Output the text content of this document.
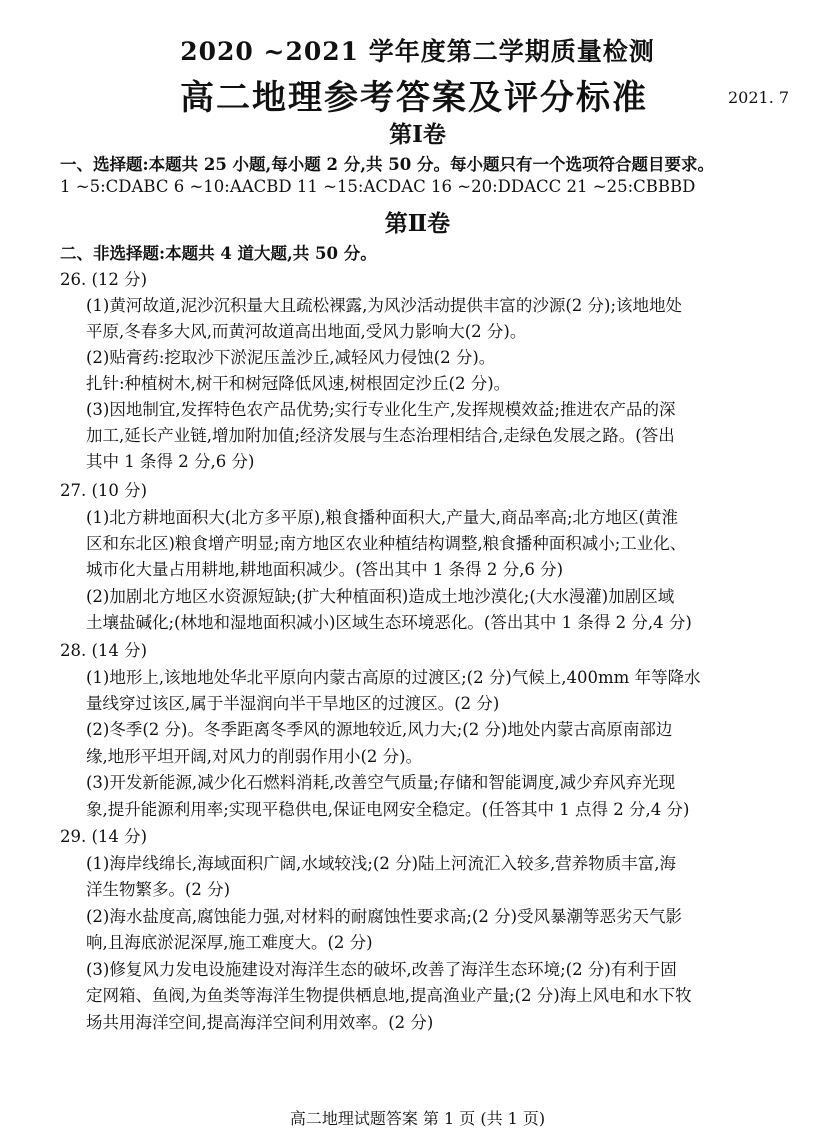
2020 ~2021 学年度第二学期质量检测
高二地理参考答案及评分标准	2021. 7
第Ⅰ卷
一、选择题:本题共 25 小题,每小题 2 分,共 50 分。每小题只有一个选项符合题目要求。
1 ~5:CDABC 6 ~10:AACBD 11 ~15:ACDAC 16 ~20:DDACC 21 ~25:CBBBD
第Ⅱ卷
二、非选择题:本题共 4 道大题,共 50 分。
26. (12 分)
(1)黄河故道,泥沙沉积量大且疏松裸露,为风沙活动提供丰富的沙源(2 分);该地地处
平原,冬春多大风,而黄河故道高出地面,受风力影响大(2 分)。
(2)贴膏药:挖取沙下淤泥压盖沙丘,减轻风力侵蚀(2 分)。
扎针:种植树木,树干和树冠降低风速,树根固定沙丘(2 分)。
(3)因地制宜,发挥特色农产品优势;实行专业化生产,发挥规模效益;推进农产品的深
加工,延长产业链,增加附加值;经济发展与生态治理相结合,走绿色发展之路。(答出
其中 1 条得 2 分,6 分)
27. (10 分)
(1)北方耕地面积大(北方多平原),粮食播种面积大,产量大,商品率高;北方地区(黄淮
区和东北区)粮食增产明显;南方地区农业种植结构调整,粮食播种面积减小;工业化、
城市化大量占用耕地,耕地面积减少。(答出其中 1 条得 2 分,6 分)
(2)加剧北方地区水资源短缺;(扩大种植面积)造成土地沙漠化;(大水漫灌)加剧区域
土壤盐碱化;(林地和湿地面积减小)区域生态环境恶化。(答出其中 1 条得 2 分,4 分)
28. (14 分)
(1)地形上,该地地处华北平原向内蒙古高原的过渡区;(2 分)气候上,400mm 年等降水
量线穿过该区,属于半湿润向半干旱地区的过渡区。(2 分)
(2)冬季(2 分)。冬季距离冬季风的源地较近,风力大;(2 分)地处内蒙古高原南部边
缘,地形平坦开阔,对风力的削弱作用小(2 分)。
(3)开发新能源,减少化石燃料消耗,改善空气质量;存储和智能调度,减少弃风弃光现
象,提升能源利用率;实现平稳供电,保证电网安全稳定。(任答其中 1 点得 2 分,4 分)
29. (14 分)
(1)海岸线绵长,海域面积广阔,水域较浅;(2 分)陆上河流汇入较多,营养物质丰富,海
洋生物繁多。(2 分)
(2)海水盐度高,腐蚀能力强,对材料的耐腐蚀性要求高;(2 分)受风暴潮等恶劣天气影
响,且海底淤泥深厚,施工难度大。(2 分)
(3)修复风力发电设施建设对海洋生态的破坏,改善了海洋生态环境;(2 分)有利于固
定网箱、鱼阀,为鱼类等海洋生物提供栖息地,提高渔业产量;(2 分)海上风电和水下牧
场共用海洋空间,提高海洋空间利用效率。(2 分)
高二地理试题答案 第 1 页 (共 1 页)
